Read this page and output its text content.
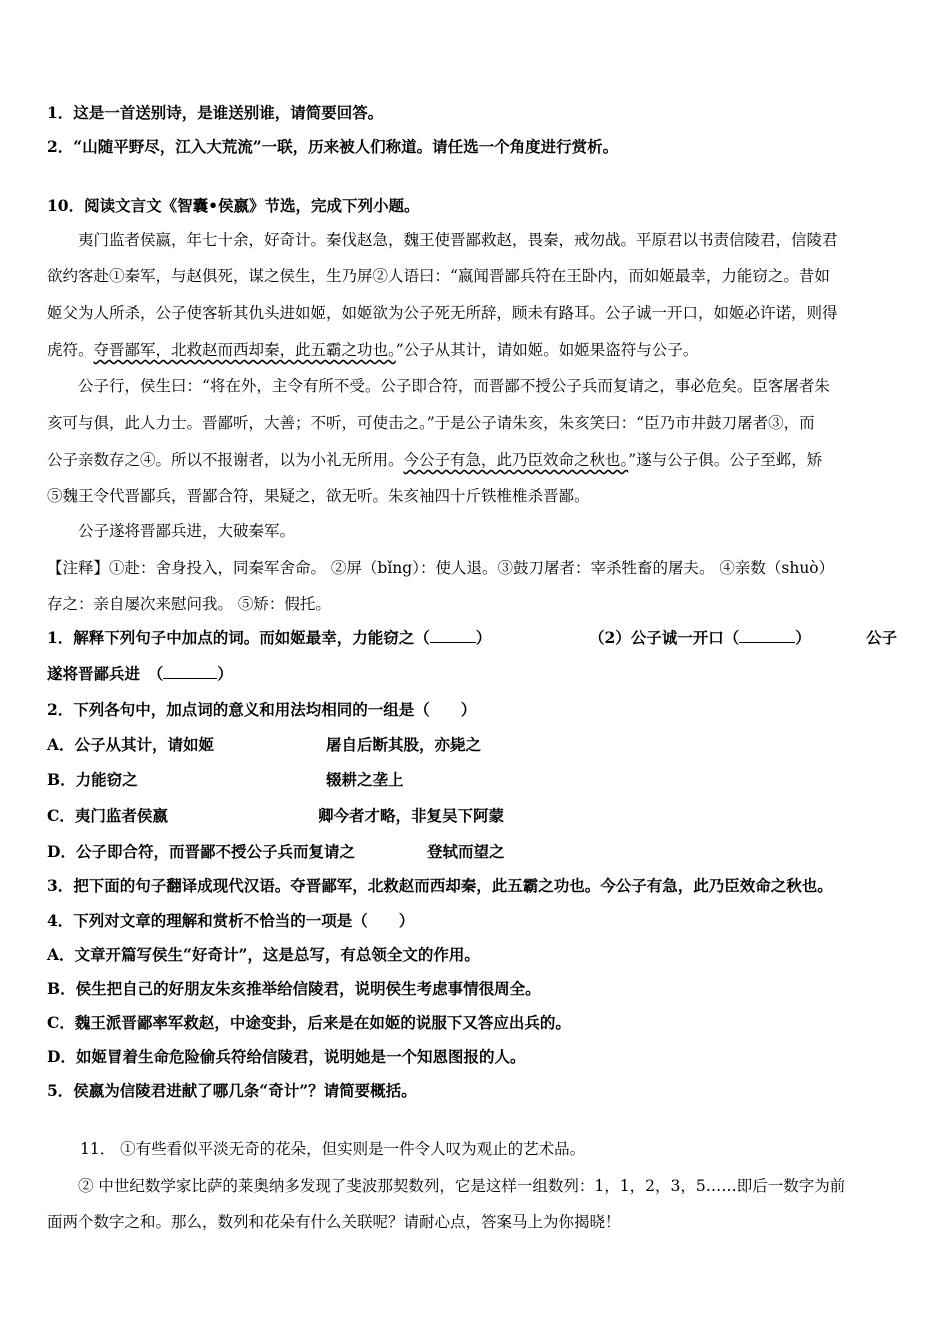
1．这是一首送别诗，是谁送别谁，请简要回答。
2．“山随平野尽，江入大荒流”一联，历来被人们称道。请任选一个角度进行赏析。
10．阅读文言文《智囊•侯嬴》节选，完成下列小题。
夷门监者侯嬴，年七十余，好奇计。秦伐赵急，魏王使晋鄙救赵，畏秦，戒勿战。平原君以书责信陵君，信陵君
欲约客赴①秦军，与赵俱死，谋之侯生，生乃屏②人语曰：“嬴闻晋鄙兵符在王卧内，而如姬最幸，力能窃之。昔如
姬父为人所杀，公子使客斩其仇头进如姬，如姬欲为公子死无所辞，顾未有路耳。公子诚一开口，如姬必许诺，则得
虎符。夺晋鄙军，北救赵而西却秦，此五霸之功也。”公子从其计，请如姬。如姬果盗符与公子。
公子行，侯生曰：“将在外，主令有所不受。公子即合符，而晋鄙不授公子兵而复请之，事必危矣。臣客屠者朱
亥可与俱，此人力士。晋鄙听，大善；不听，可使击之。”于是公子请朱亥，朱亥笑曰：“臣乃市井鼓刀屠者③，而
公子亲数存之④。所以不报谢者，以为小礼无所用。今公子有急，此乃臣效命之秋也。”遂与公子俱。公子至邺，矫
⑤魏王令代晋鄙兵，晋鄙合符，果疑之，欲无听。朱亥袖四十斤铁椎椎杀晋鄙。
公子遂将晋鄙兵进，大破秦军。
【注释】①赴：舍身投入，同秦军舍命。 ②屏（bǐng）：使人退。③鼓刀屠者：宰杀牲畜的屠夫。 ④亲数（shuò）
存之：亲自屡次来慰问我。 ⑤矫：假托。
1．解释下列句子中加点的词。而如姬最幸，力能窃之（	）	（2）公子诚一开口（	）	公子
遂将晋鄙兵进　（	）
2．下列各句中，加点词的意义和用法均相同的一组是（　　）
A．公子从其计，请如姬	屠自后断其股，亦毙之
B．力能窃之	辍耕之垄上
C．夷门监者侯嬴	卿今者才略，非复吴下阿蒙
D．公子即合符，而晋鄙不授公子兵而复请之	登轼而望之
3．把下面的句子翻译成现代汉语。夺晋鄙军，北救赵而西却秦，此五霸之功也。今公子有急，此乃臣效命之秋也。
4．下列对文章的理解和赏析不恰当的一项是（　　）
A．文章开篇写侯生“好奇计”，这是总写，有总领全文的作用。
B．侯生把自己的好朋友朱亥推举给信陵君，说明侯生考虑事情很周全。
C．魏王派晋鄙率军救赵，中途变卦，后来是在如姬的说服下又答应出兵的。
D．如姬冒着生命危险偷兵符给信陵君，说明她是一个知恩图报的人。
5．侯嬴为信陵君进献了哪几条“奇计”？请简要概括。
11． ①有些看似平淡无奇的花朵，但实则是一件令人叹为观止的艺术品。
② 中世纪数学家比萨的莱奥纳多发现了斐波那契数列，它是这样一组数列：1，1，2，3，5……即后一数字为前
面两个数字之和。那么，数列和花朵有什么关联呢？请耐心点，答案马上为你揭晓！
